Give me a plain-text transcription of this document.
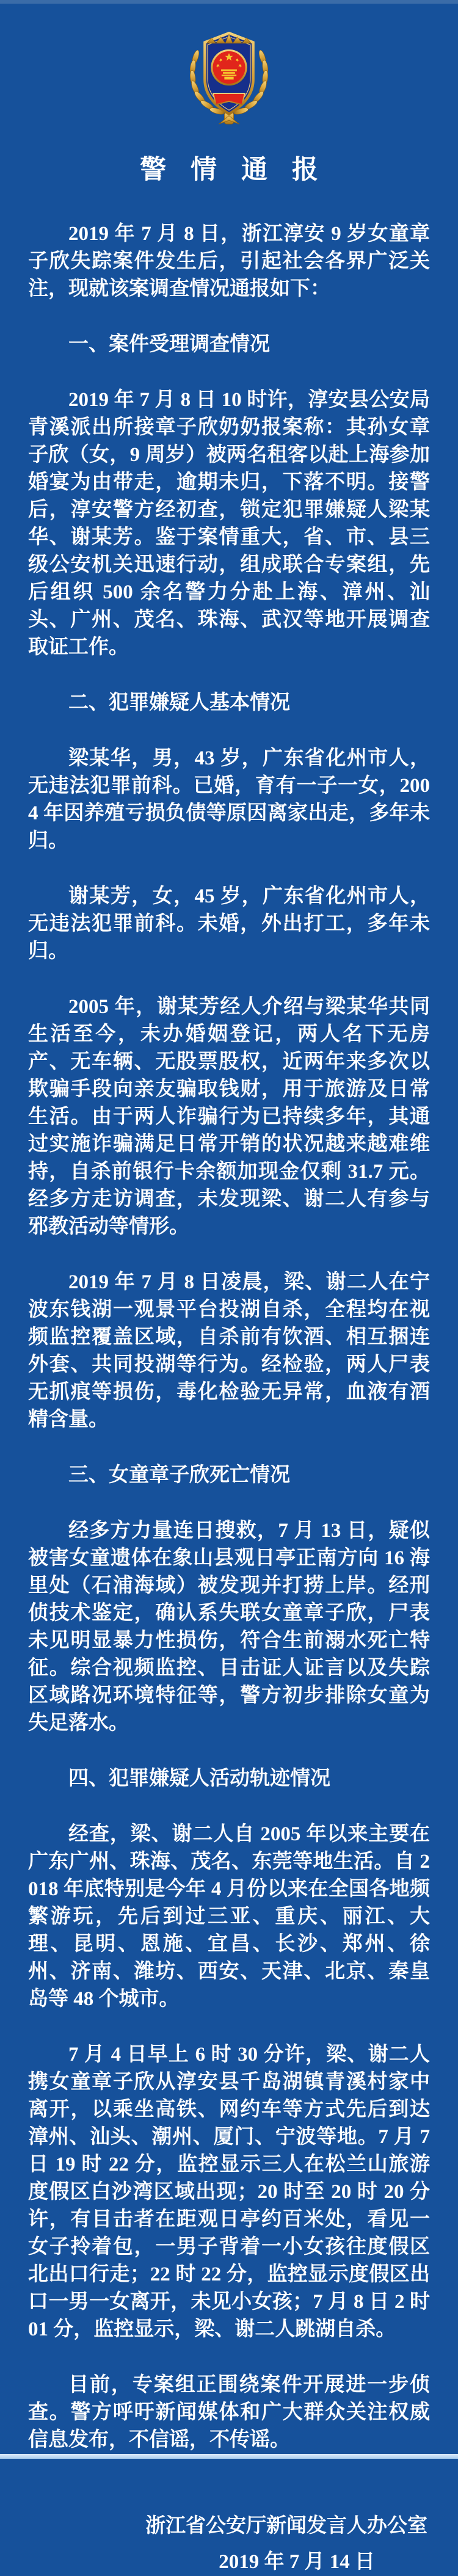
警 情 通 报

2019 年 7 月 8 日，浙江淳安 9 岁女童章子欣失踪案件发生后，引起社会各界广泛关注，现就该案调查情况通报如下：

一、案件受理调查情况

2019 年 7 月 8 日 10 时许，淳安县公安局青溪派出所接章子欣奶奶报案称：其孙女章子欣（女，9 周岁）被两名租客以赴上海参加婚宴为由带走，逾期未归，下落不明。接警后，淳安警方经初查，锁定犯罪嫌疑人梁某华、谢某芳。鉴于案情重大，省、市、县三级公安机关迅速行动，组成联合专案组，先后组织 500 余名警力分赴上海、漳州、汕头、广州、茂名、珠海、武汉等地开展调查取证工作。

二、犯罪嫌疑人基本情况

梁某华，男，43 岁，广东省化州市人，无违法犯罪前科。已婚，育有一子一女，2004 年因养殖亏损负债等原因离家出走，多年未归。

谢某芳，女，45 岁，广东省化州市人，无违法犯罪前科。未婚，外出打工，多年未归。

2005 年，谢某芳经人介绍与梁某华共同生活至今，未办婚姻登记，两人名下无房产、无车辆、无股票股权，近两年来多次以欺骗手段向亲友骗取钱财，用于旅游及日常生活。由于两人诈骗行为已持续多年，其通过实施诈骗满足日常开销的状况越来越难维持，自杀前银行卡余额加现金仅剩 31.7 元。经多方走访调查，未发现梁、谢二人有参与邪教活动等情形。

2019 年 7 月 8 日凌晨，梁、谢二人在宁波东钱湖一观景平台投湖自杀，全程均在视频监控覆盖区域，自杀前有饮酒、相互捆连外套、共同投湖等行为。经检验，两人尸表无抓痕等损伤，毒化检验无异常，血液有酒精含量。

三、女童章子欣死亡情况

经多方力量连日搜救，7 月 13 日，疑似被害女童遗体在象山县观日亭正南方向 16 海里处（石浦海域）被发现并打捞上岸。经刑侦技术鉴定，确认系失联女童章子欣，尸表未见明显暴力性损伤，符合生前溺水死亡特征。综合视频监控、目击证人证言以及失踪区域路况环境特征等，警方初步排除女童为失足落水。

四、犯罪嫌疑人活动轨迹情况

经查，梁、谢二人自 2005 年以来主要在广东广州、珠海、茂名、东莞等地生活。自 2018 年底特别是今年 4 月份以来在全国各地频繁游玩，先后到过三亚、重庆、丽江、大理、昆明、恩施、宜昌、长沙、郑州、徐州、济南、潍坊、西安、天津、北京、秦皇岛等 48 个城市。

7 月 4 日早上 6 时 30 分许，梁、谢二人携女童章子欣从淳安县千岛湖镇青溪村家中离开，以乘坐高铁、网约车等方式先后到达漳州、汕头、潮州、厦门、宁波等地。7 月 7 日 19 时 22 分，监控显示三人在松兰山旅游度假区白沙湾区域出现；20 时至 20 时 20 分许，有目击者在距观日亭约百米处，看见一女子拎着包，一男子背着一小女孩往度假区北出口行走；22 时 22 分，监控显示度假区出口一男一女离开，未见小女孩；7 月 8 日 2 时 01 分，监控显示，梁、谢二人跳湖自杀。

目前，专案组正围绕案件开展进一步侦查。警方呼吁新闻媒体和广大群众关注权威信息发布，不信谣，不传谣。

浙江省公安厅新闻发言人办公室
2019 年 7 月 14 日
